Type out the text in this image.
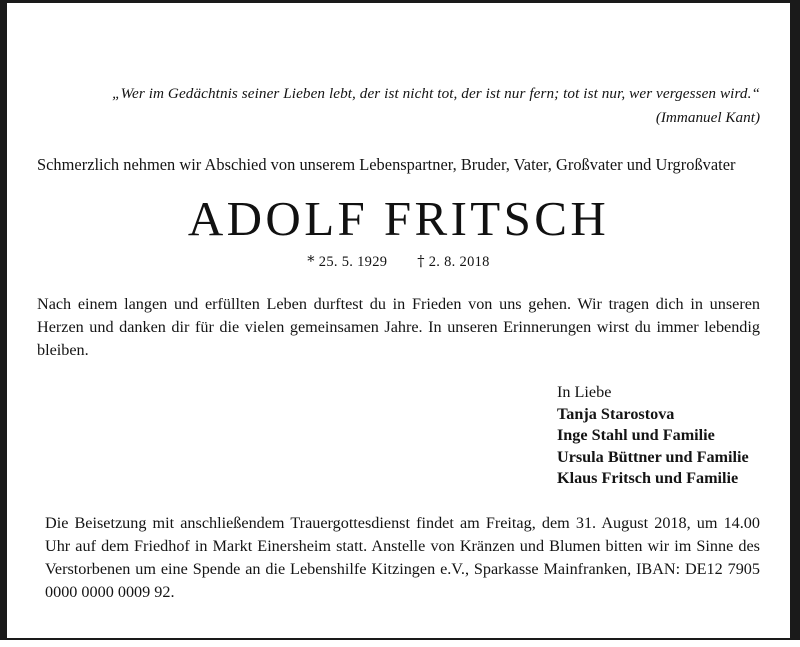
„Wer im Gedächtnis seiner Lieben lebt, der ist nicht tot, der ist nur fern; tot ist nur, wer vergessen wird.“
(Immanuel Kant)
Schmerzlich nehmen wir Abschied von unserem Lebenspartner, Bruder, Vater, Großvater und Urgroßvater
ADOLF FRITSCH
* 25. 5. 1929 † 2. 8. 2018
Nach einem langen und erfüllten Leben durftest du in Frieden von uns gehen. Wir tragen dich in unseren Herzen und danken dir für die vielen gemeinsamen Jahre. In unseren Erinnerungen wirst du immer lebendig bleiben.
In Liebe
Tanja Starostova
Inge Stahl und Familie
Ursula Büttner und Familie
Klaus Fritsch und Familie
Die Beisetzung mit anschließendem Trauergottesdienst findet am Freitag, dem 31. August 2018, um 14.00 Uhr auf dem Friedhof in Markt Einersheim statt. Anstelle von Kränzen und Blumen bitten wir im Sinne des Verstorbenen um eine Spende an die Lebenshilfe Kitzingen e.V., Sparkasse Mainfranken, IBAN: DE12 7905 0000 0000 0009 92.
